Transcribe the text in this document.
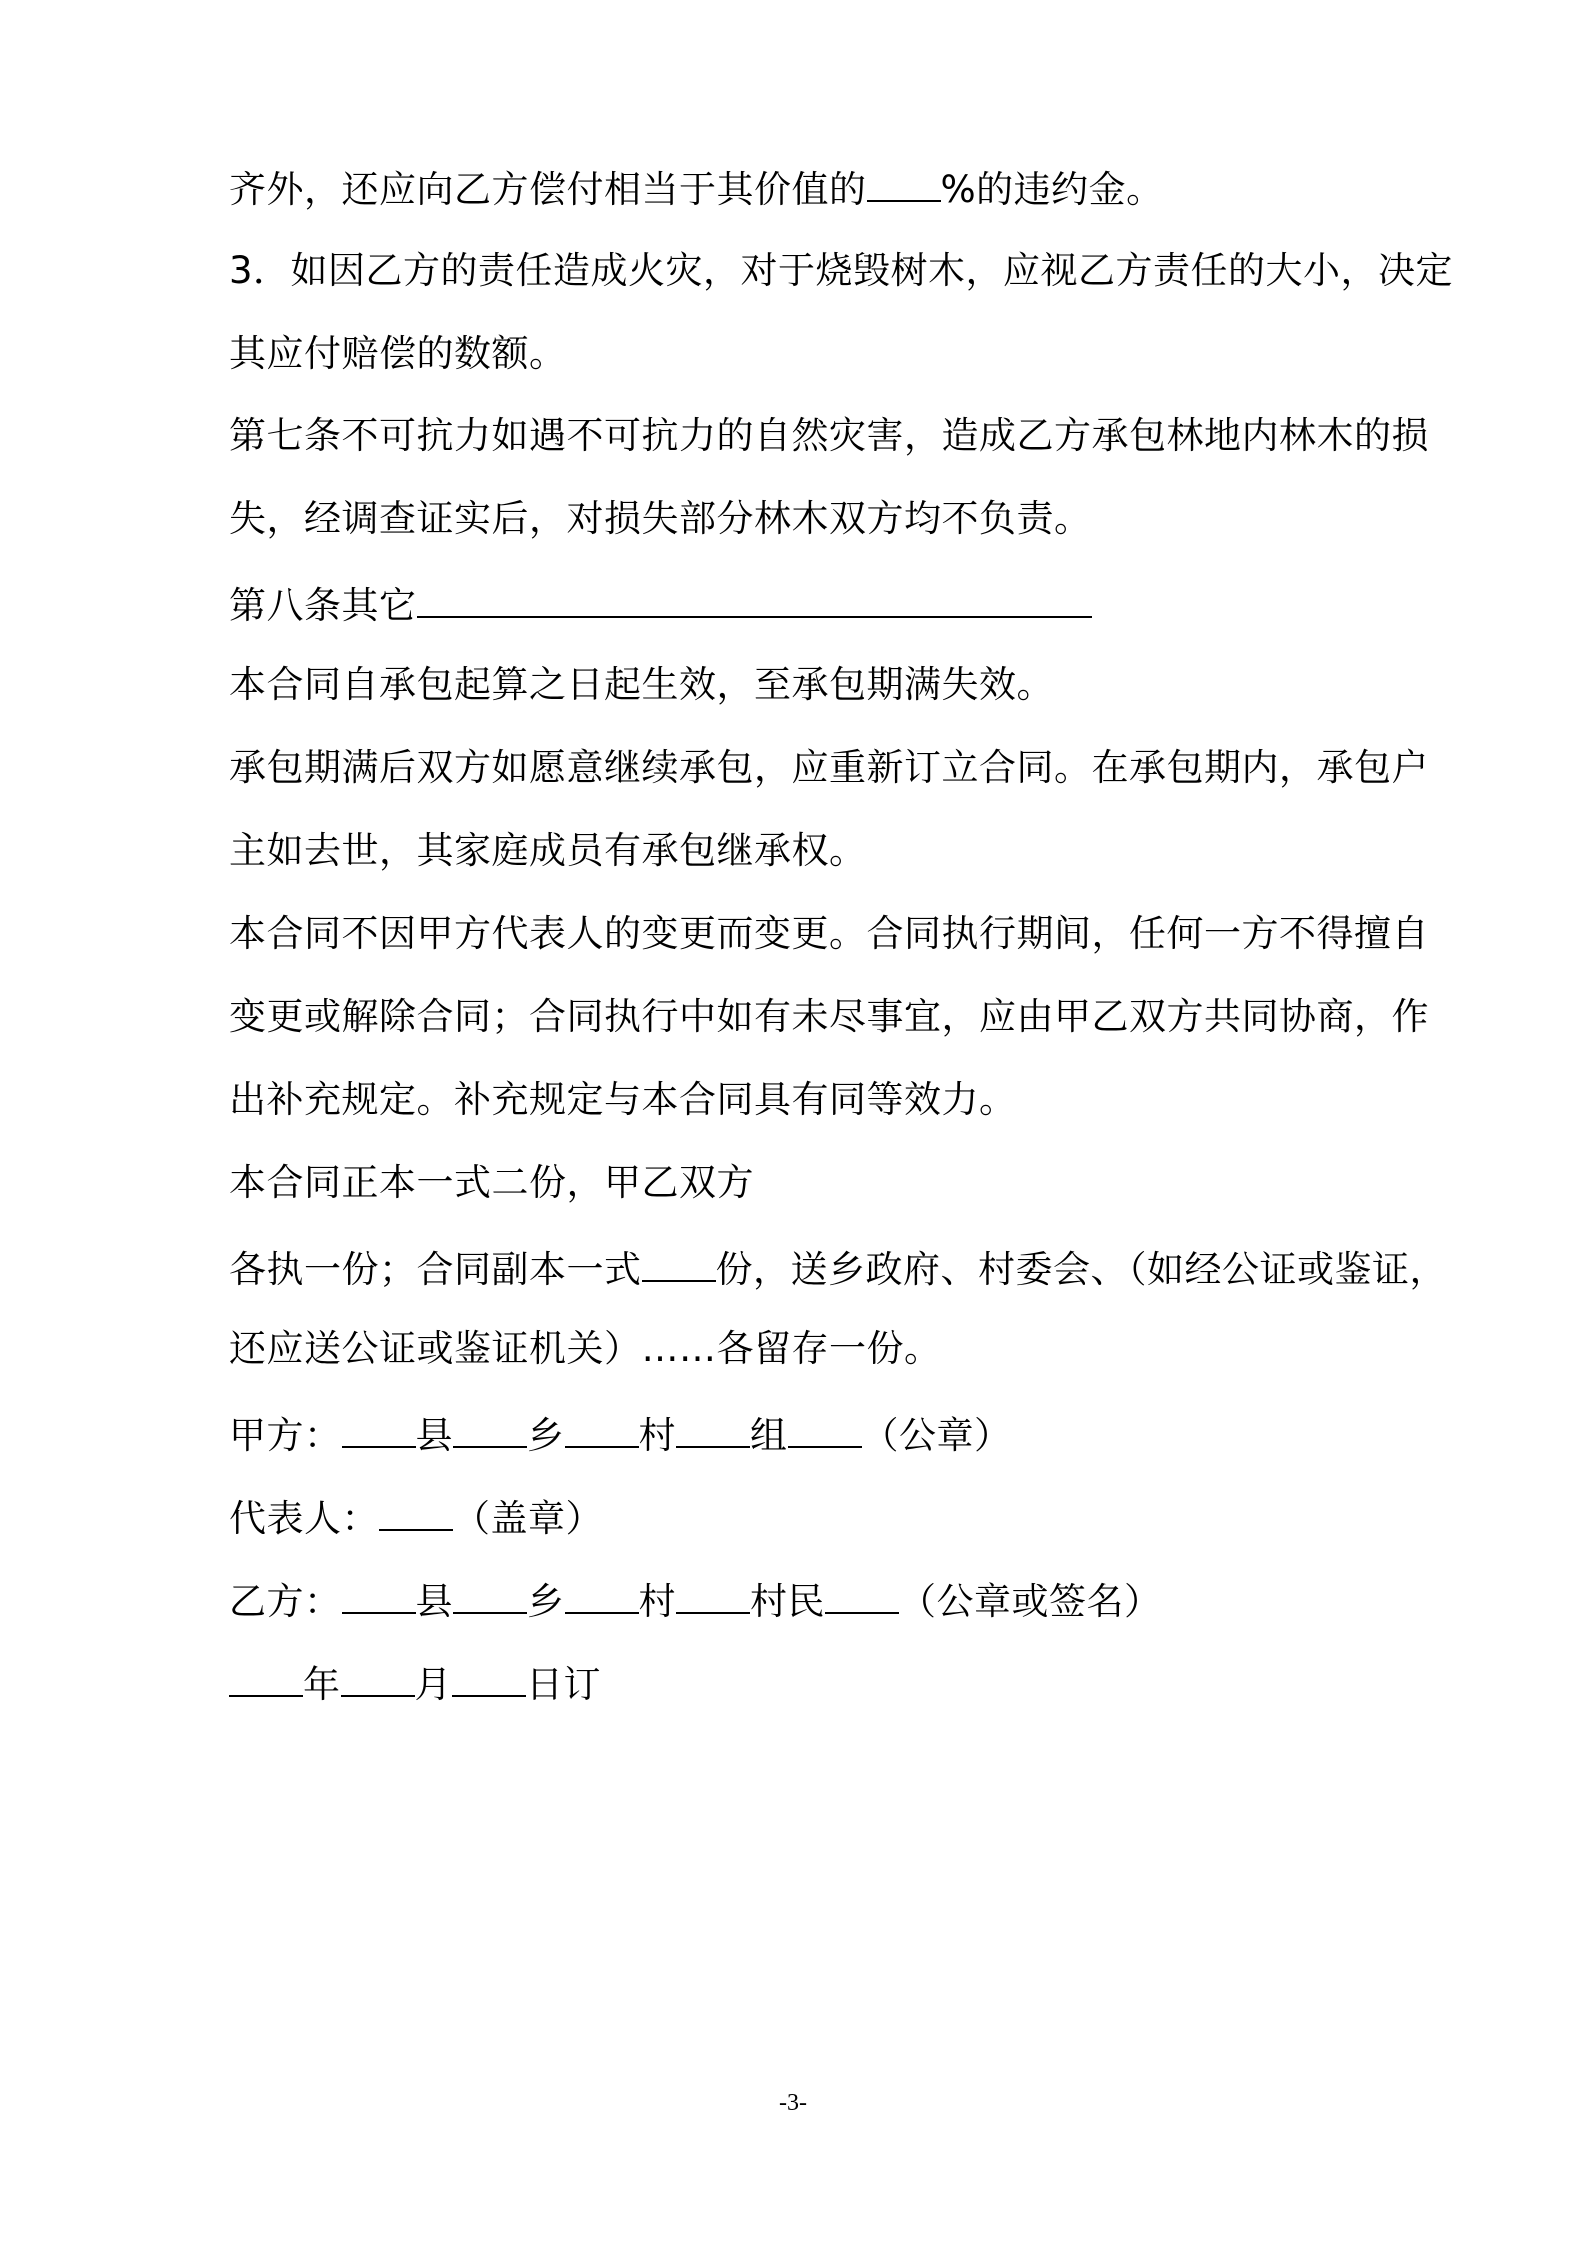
齐外，还应向乙方偿付相当于其价值的 %的违约金。
3．如因乙方的责任造成火灾，对于烧毁树木，应视乙方责任的大小，决定
其应付赔偿的数额。
第七条不可抗力如遇不可抗力的自然灾害，造成乙方承包林地内林木的损
失，经调查证实后，对损失部分林木双方均不负责。
第八条其它
本合同自承包起算之日起生效，至承包期满失效。
承包期满后双方如愿意继续承包，应重新订立合同。在承包期内，承包户
主如去世，其家庭成员有承包继承权。
本合同不因甲方代表人的变更而变更。合同执行期间，任何一方不得擅自
变更或解除合同；合同执行中如有未尽事宜，应由甲乙双方共同协商，作
出补充规定。补充规定与本合同具有同等效力。
本合同正本一式二份，甲乙双方
各执一份；合同副本一式 份，送乡政府、村委会、（如经公证或鉴证，
还应送公证或鉴证机关）……各留存一份。
甲方： 县 乡 村 组 （公章）
代表人： （盖章）
乙方： 县 乡 村 村民 （公章或签名）
年 月 日订
-3-
